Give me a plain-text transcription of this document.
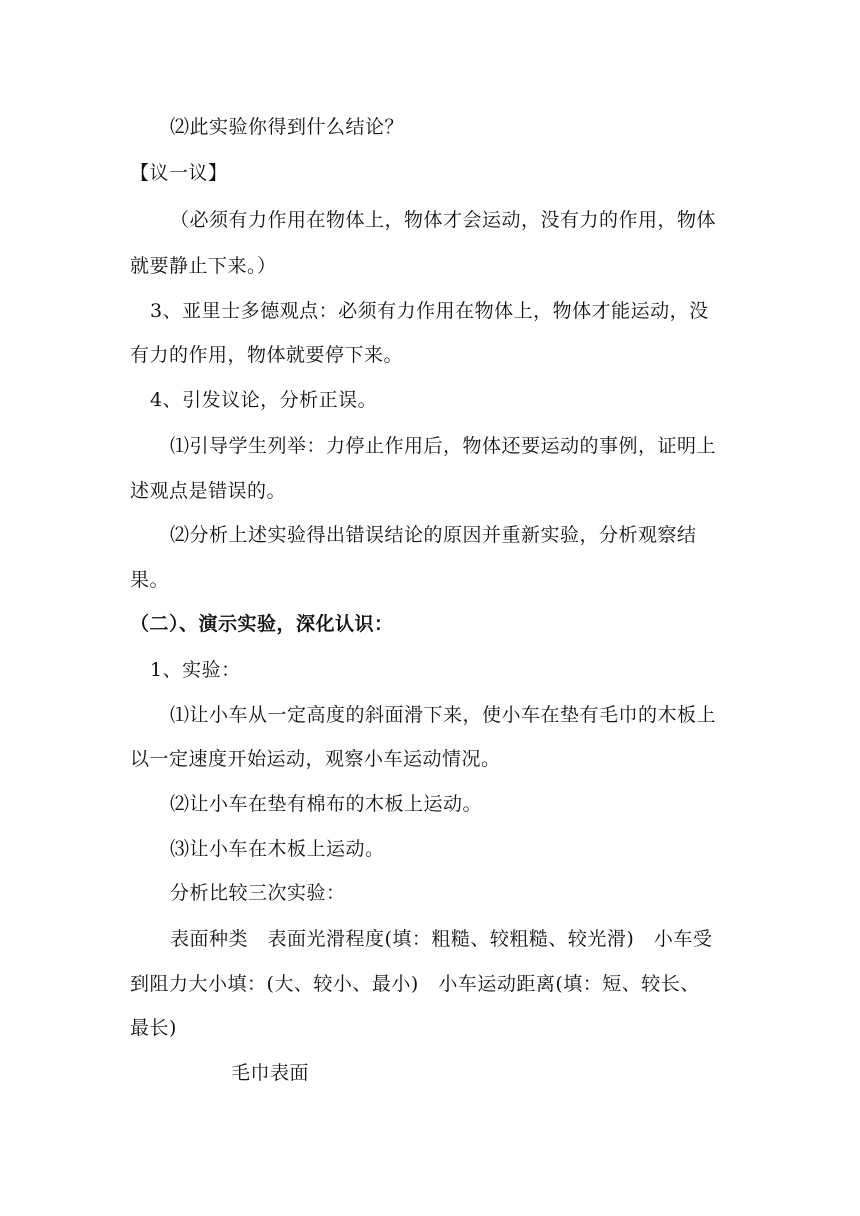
⑵此实验你得到什么结论？
【议一议】
（必须有力作用在物体上，物体才会运动，没有力的作用，物体
就要静止下来。）
3、亚里士多德观点：必须有力作用在物体上，物体才能运动，没
有力的作用，物体就要停下来。
4、引发议论，分析正误。
⑴引导学生列举：力停止作用后，物体还要运动的事例，证明上
述观点是错误的。
⑵分析上述实验得出错误结论的原因并重新实验，分析观察结
果。
（二）、演示实验，深化认识：
1、实验：
⑴让小车从一定高度的斜面滑下来，使小车在垫有毛巾的木板上
以一定速度开始运动，观察小车运动情况。
⑵让小车在垫有棉布的木板上运动。
⑶让小车在木板上运动。
分析比较三次实验：
表面种类　表面光滑程度(填：粗糙、较粗糙、较光滑)　小车受
到阻力大小填：(大、较小、最小)　小车运动距离(填：短、较长、
最长)
毛巾表面
